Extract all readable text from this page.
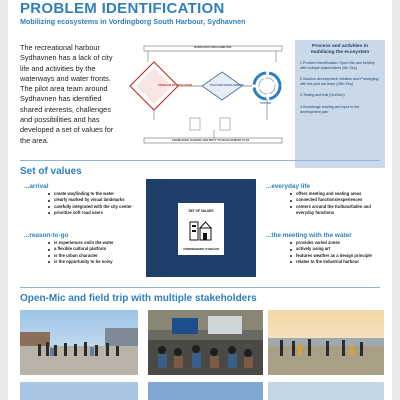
PROBLEM IDENTIFICATION
Mobilizing ecosystems in Vordingborg South Harbour, Sydhavnen

The recreational harbour Sydhavnen has a lack of city life and activities by the waterways and water fronts. The pilot area team around Sydhavnen has identified shared interests, challenges and possibilities and has developed a set of values for the area.

WORKSHOP AND EXHIBITION
PROBLEM IDENTIFICATION	SOLUTION DEVELOPMENT
TESTING
KNOWLEDGE SHARING AND INPUT TO DEVELOPMENT PLAN
Process and activities in mobilizing the ecosystem
1.Problem Identification: Open-Mic and fieldtrip with multiple stakeholders (5th Sep)
2.Solution development: Ideation and Prototyping with the pilot are team (19th Sep)
3.Testing and trial (Oct/Nov)
4.Knowledge sharing and input to the development plan
Set of values
...arrival
create wayfinding to the water
clearly marked by visual landmarks
carefully integrated with the city center
prioritize soft road users
...reason-to-go
is experiences on/in the water
a flexible cultural platform
is the urban character
is the opportunity to be noisy
SET OF VALUES
VORDINGBORG SYDHAVN
...everyday life
offers meeting and seating areas
connected functions/experiences
centers around the Kulturarfaden and everyday functions
...the meeting with the water
provides varied zones
actively using art
features weather as a design principle
relates to the Industrial harbour
Open-Mic and field trip with multiple stakeholders
